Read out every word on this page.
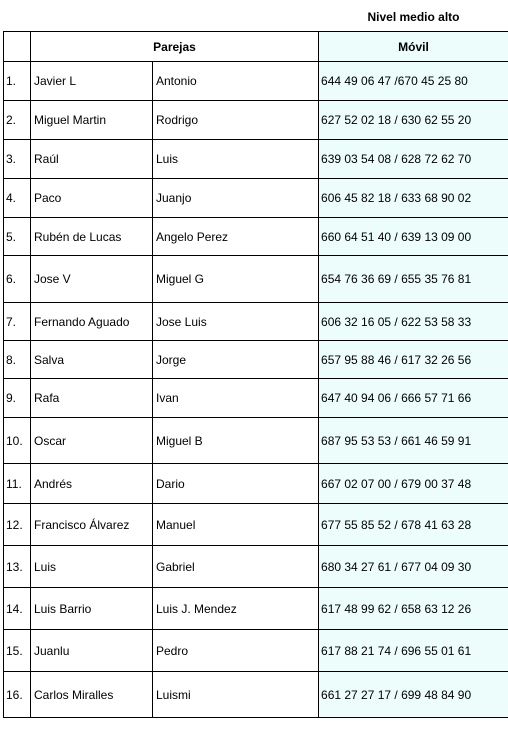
Nivel medio alto
	Parejas		Móvil
1.	Javier L	Antonio	644 49 06 47 /670 45 25 80
2.	Miguel Martin	Rodrigo	627 52 02 18 / 630 62 55 20
3.	Raúl	Luis	639 03 54 08 / 628 72 62 70
4.	Paco	Juanjo	606 45 82 18 / 633 68 90 02
5.	Rubén de Lucas	Angelo Perez	660 64 51 40 / 639 13 09 00
6.	Jose V	Miguel G	654 76 36 69 / 655 35 76 81
7.	Fernando Aguado	Jose Luis	606 32 16 05 / 622 53 58 33
8.	Salva	Jorge	657 95 88 46 / 617 32 26 56
9.	Rafa	Ivan	647 40 94 06 / 666 57 71 66
10.	Oscar	Miguel B	687 95 53 53 / 661 46 59 91
11.	Andrés	Dario	667 02 07 00 / 679 00 37 48
12.	Francisco Álvarez	Manuel	677 55 85 52 / 678 41 63 28
13.	Luis	Gabriel	680 34 27 61 / 677 04 09 30
14.	Luis Barrio	Luis J. Mendez	617 48 99 62 / 658 63 12 26
15.	Juanlu	Pedro	617 88 21 74 / 696 55 01 61
16.	Carlos Miralles	Luismi	661 27 27 17 / 699 48 84 90
